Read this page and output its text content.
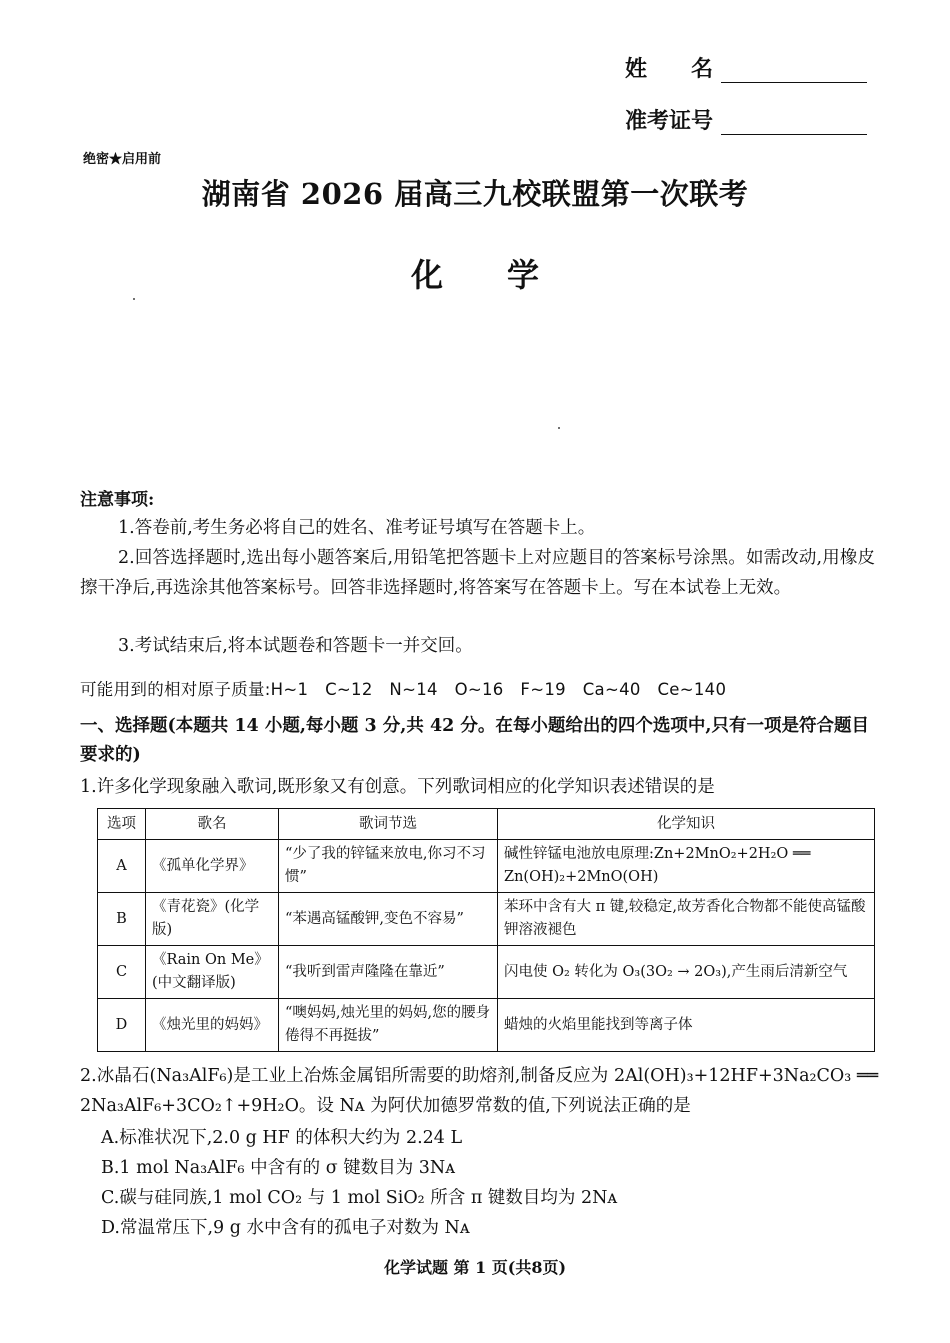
姓　　名
准考证号
绝密★启用前
湖南省 2026 届高三九校联盟第一次联考
化学
注意事项:
1.答卷前,考生务必将自己的姓名、准考证号填写在答题卡上。
2.回答选择题时,选出每小题答案后,用铅笔把答题卡上对应题目的答案标号涂黑。如需改动,用橡皮擦干净后,再选涂其他答案标号。回答非选择题时,将答案写在答题卡上。写在本试卷上无效。
3.考试结束后,将本试题卷和答题卡一并交回。
可能用到的相对原子质量:H~1　C~12　N~14　O~16　F~19　Ca~40　Ce~140
一、选择题(本题共 14 小题,每小题 3 分,共 42 分。在每小题给出的四个选项中,只有一项是符合题目要求的)
1.许多化学现象融入歌词,既形象又有创意。下列歌词相应的化学知识表述错误的是
选项	歌名	歌词节选	化学知识
A	《孤单化学界》	“少了我的锌锰来放电,你习不习惯”	碱性锌锰电池放电原理:Zn+2MnO₂+2H₂O ══ Zn(OH)₂+2MnO(OH)
B	《青花瓷》(化学版)	“苯遇高锰酸钾,变色不容易”	苯环中含有大 π 键,较稳定,故芳香化合物都不能使高锰酸钾溶液褪色
C	《Rain On Me》(中文翻译版)	“我听到雷声隆隆在靠近”	闪电使 O₂ 转化为 O₃(3O₂ → 2O₃),产生雨后清新空气
D	《烛光里的妈妈》	“噢妈妈,烛光里的妈妈,您的腰身倦得不再挺拔”	蜡烛的火焰里能找到等离子体
2.冰晶石(Na₃AlF₆)是工业上冶炼金属铝所需要的助熔剂,制备反应为 2Al(OH)₃+12HF+3Na₂CO₃ ══ 2Na₃AlF₆+3CO₂↑+9H₂O。设 Nᴀ 为阿伏加德罗常数的值,下列说法正确的是
A.标准状况下,2.0 g HF 的体积大约为 2.24 L
B.1 mol Na₃AlF₆ 中含有的 σ 键数目为 3Nᴀ
C.碳与硅同族,1 mol CO₂ 与 1 mol SiO₂ 所含 π 键数目均为 2Nᴀ
D.常温常压下,9 g 水中含有的孤电子对数为 Nᴀ
化学试题 第 1 页(共8页)
